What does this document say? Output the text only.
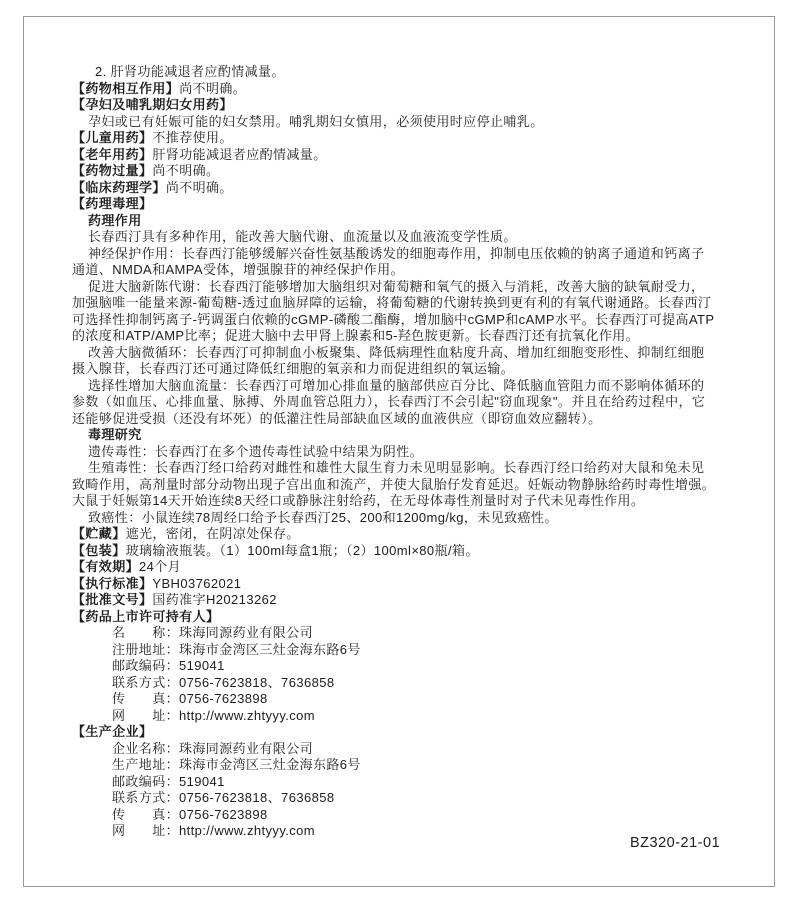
2. 肝肾功能减退者应酌情减量。
【药物相互作用】尚不明确。
【孕妇及哺乳期妇女用药】
孕妇或已有妊娠可能的妇女禁用。哺乳期妇女慎用，必须使用时应停止哺乳。
【儿童用药】不推荐使用。
【老年用药】肝肾功能减退者应酌情减量。
【药物过量】尚不明确。
【临床药理学】尚不明确。
【药理毒理】
药理作用
长春西汀具有多种作用，能改善大脑代谢、血流量以及血液流变学性质。
神经保护作用：长春西汀能够缓解兴奋性氨基酸诱发的细胞毒作用，抑制电压依赖的钠离子通道和钙离子
通道、NMDA和AMPA受体，增强腺苷的神经保护作用。
促进大脑新陈代谢：长春西汀能够增加大脑组织对葡萄糖和氧气的摄入与消耗，改善大脑的缺氧耐受力，
加强脑唯一能量来源-葡萄糖-透过血脑屏障的运输，将葡萄糖的代谢转换到更有利的有氧代谢通路。长春西汀
可选择性抑制钙离子-钙调蛋白依赖的cGMP-磷酸二酯酶，增加脑中cGMP和cAMP水平。长春西汀可提高ATP
的浓度和ATP/AMP比率；促进大脑中去甲肾上腺素和5-羟色胺更新。长春西汀还有抗氧化作用。
改善大脑微循环：长春西汀可抑制血小板聚集、降低病理性血粘度升高、增加红细胞变形性、抑制红细胞
摄入腺苷，长春西汀还可通过降低红细胞的氧亲和力而促进组织的氧运输。
选择性增加大脑血流量：长春西汀可增加心排血量的脑部供应百分比、降低脑血管阻力而不影响体循环的
参数（如血压、心排血量、脉搏、外周血管总阻力），长春西汀不会引起"窃血现象"。并且在给药过程中，它
还能够促进受损（还没有坏死）的低灌注性局部缺血区域的血液供应（即窃血效应翻转）。
毒理研究
遗传毒性：长春西汀在多个遗传毒性试验中结果为阴性。
生殖毒性：长春西汀经口给药对雌性和雄性大鼠生育力未见明显影响。长春西汀经口给药对大鼠和兔未见
致畸作用，高剂量时部分动物出现子宫出血和流产，并使大鼠胎仔发育延迟。妊娠动物静脉给药时毒性增强。
大鼠于妊娠第14天开始连续8天经口或静脉注射给药，在无母体毒性剂量时对子代未见毒性作用。
致癌性：小鼠连续78周经口给予长春西汀25、200和1200mg/kg，未见致癌性。
【贮藏】遮光，密闭，在阴凉处保存。
【包装】玻璃输液瓶装。（1）100ml每盒1瓶；（2）100ml×80瓶/箱。
【有效期】24个月
【执行标准】YBH03762021
【批准文号】国药准字H20213262
【药品上市许可持有人】
名　　称：珠海同源药业有限公司
注册地址：珠海市金湾区三灶金海东路6号
邮政编码：519041
联系方式：0756-7623818、7636858
传　　真：0756-7623898
网　　址：http://www.zhtyyy.com
【生产企业】
企业名称：珠海同源药业有限公司
生产地址：珠海市金湾区三灶金海东路6号
邮政编码：519041
联系方式：0756-7623818、7636858
传　　真：0756-7623898
网　　址：http://www.zhtyyy.com
BZ320-21-01
